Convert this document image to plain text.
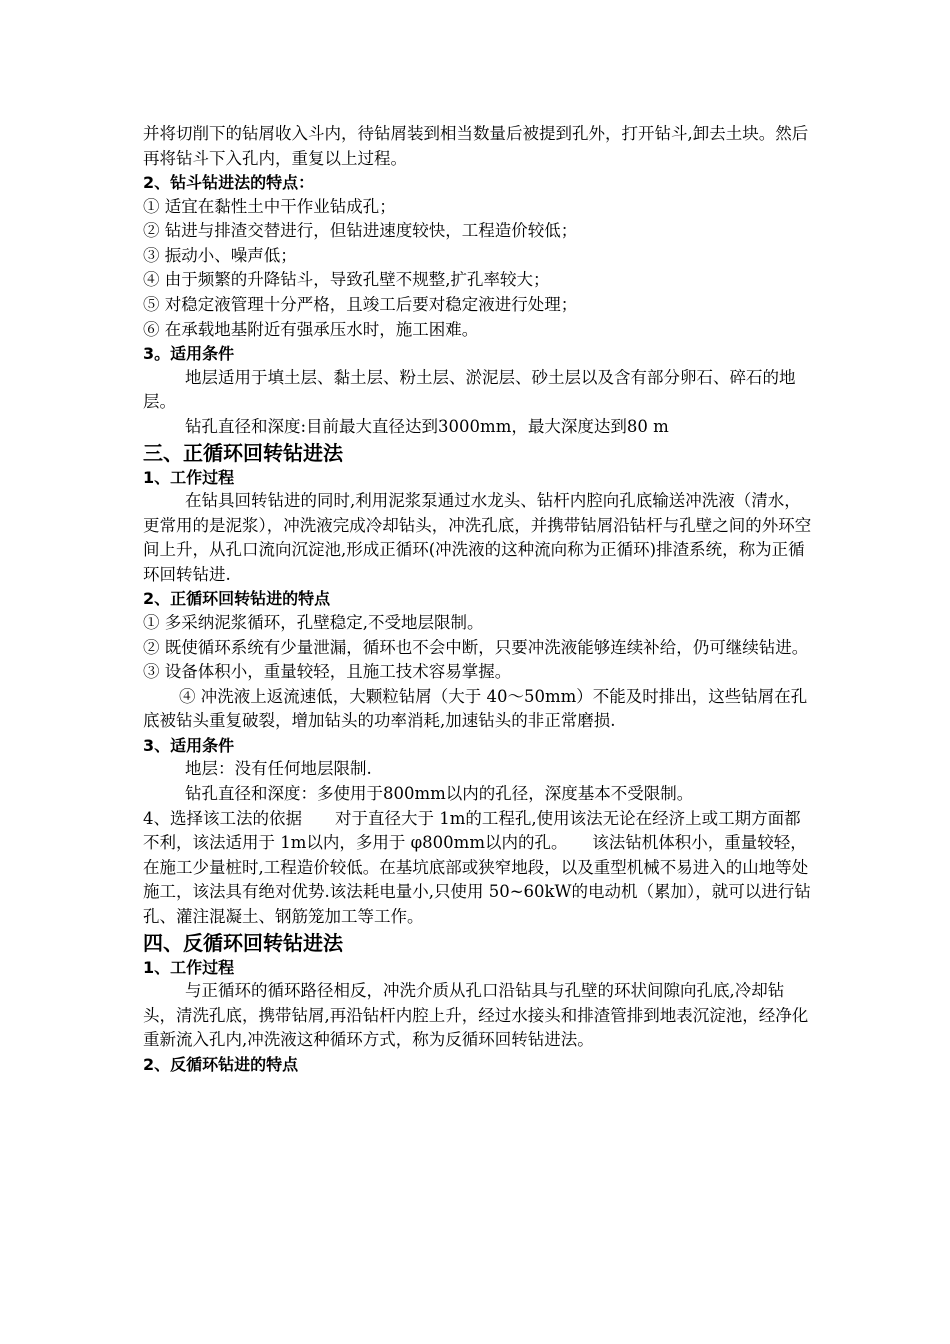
并将切削下的钻屑收入斗内，待钻屑装到相当数量后被提到孔外，打开钻斗,卸去土块。然后再将钻斗下入孔内，重复以上过程。

2、钻斗钻进法的特点：

① 适宜在黏性土中干作业钻成孔；

② 钻进与排渣交替进行，但钻进速度较快，工程造价较低；

③ 振动小、噪声低；

④ 由于频繁的升降钻斗，导致孔壁不规整,扩孔率较大；

⑤ 对稳定液管理十分严格，且竣工后要对稳定液进行处理；

⑥ 在承载地基附近有强承压水时，施工困难。

3。适用条件

地层适用于填土层、黏土层、粉土层、淤泥层、砂土层以及含有部分卵石、碎石的地层。

钻孔直径和深度:目前最大直径达到3000mm，最大深度达到80 m

三、正循环回转钻进法

1、工作过程

在钻具回转钻进的同时,利用泥浆泵通过水龙头、钻杆内腔向孔底输送冲洗液（清水，更常用的是泥浆），冲洗液完成冷却钻头，冲洗孔底，并携带钻屑沿钻杆与孔壁之间的外环空间上升，从孔口流向沉淀池,形成正循环(冲洗液的这种流向称为正循环)排渣系统，称为正循环回转钻进.

2、正循环回转钻进的特点

① 多采纳泥浆循环，孔壁稳定,不受地层限制。

② 既使循环系统有少量泄漏，循环也不会中断，只要冲洗液能够连续补给，仍可继续钻进。

③ 设备体积小，重量较轻，且施工技术容易掌握。

④ 冲洗液上返流速低，大颗粒钻屑（大于 40～50mm）不能及时排出，这些钻屑在孔底被钻头重复破裂，增加钻头的功率消耗,加速钻头的非正常磨损.

3、适用条件

地层：没有任何地层限制.

钻孔直径和深度：多使用于800mm以内的孔径，深度基本不受限制。

4、选择该工法的依据　　对于直径大于 1m的工程孔,使用该法无论在经济上或工期方面都不利，该法适用于 1m以内，多用于 φ800mm以内的孔。　　该法钻机体积小，重量较轻，在施工少量桩时,工程造价较低。在基坑底部或狭窄地段，以及重型机械不易进入的山地等处施工，该法具有绝对优势.该法耗电量小,只使用 50~60kW的电动机（累加），就可以进行钻孔、灌注混凝土、钢筋笼加工等工作。

四、反循环回转钻进法

1、工作过程

与正循环的循环路径相反，冲洗介质从孔口沿钻具与孔壁的环状间隙向孔底,冷却钻头，清洗孔底，携带钻屑,再沿钻杆内腔上升，经过水接头和排渣管排到地表沉淀池，经净化重新流入孔内,冲洗液这种循环方式，称为反循环回转钻进法。

2、反循环钻进的特点
